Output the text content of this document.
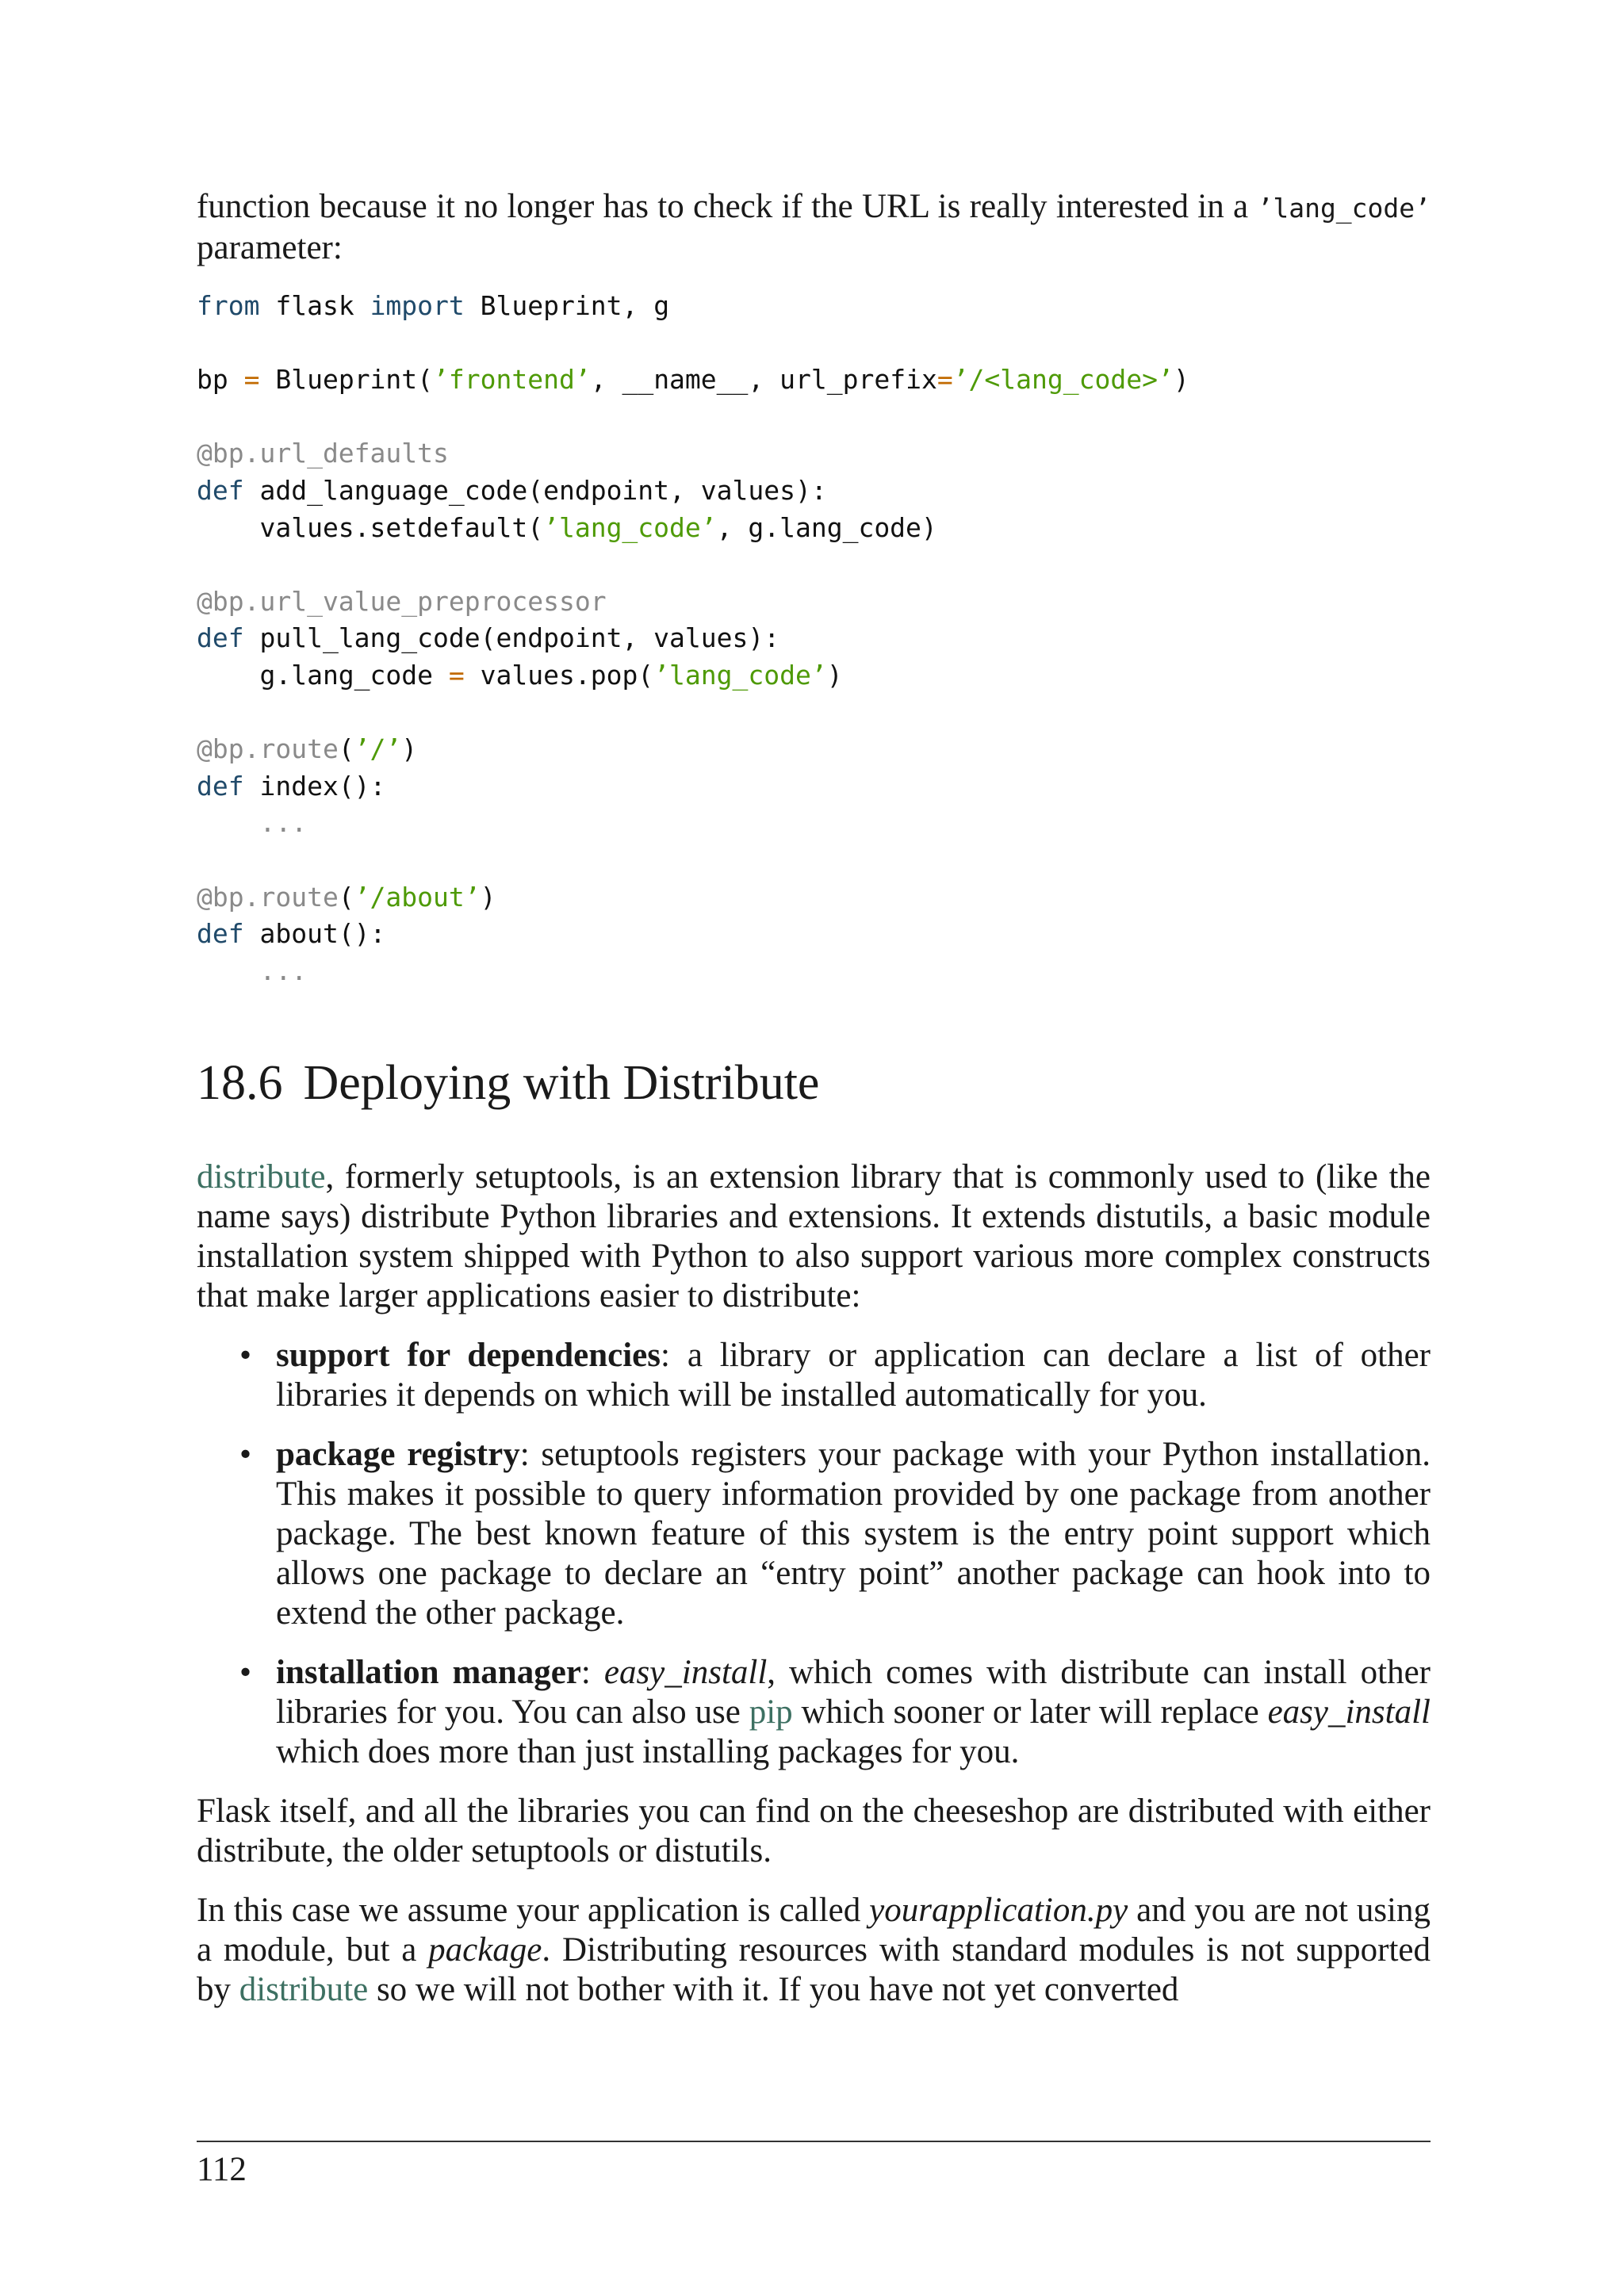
function because it no longer has to check if the URL is really interested in a ’lang_code’ parameter:

from flask import Blueprint, g
bp = Blueprint(’frontend’, __name__, url_prefix=’/<lang_code>’)
@bp.url_defaults
def add_language_code(endpoint, values):
values.setdefault(’lang_code’, g.lang_code)
@bp.url_value_preprocessor
def pull_lang_code(endpoint, values):
g.lang_code = values.pop(’lang_code’)
@bp.route(’/’)
def index():
...
@bp.route(’/about’)
def about():
...
18.6 Deploying with Distribute

distribute, formerly setuptools, is an extension library that is commonly used to (like the name says) distribute Python libraries and extensions. It extends distutils, a basic module installation system shipped with Python to also support various more complex constructs that make larger applications easier to distribute:

• support for dependencies: a library or application can declare a list of other libraries it depends on which will be installed automatically for you.
• package registry: setuptools registers your package with your Python installation. This makes it possible to query information provided by one package from another package. The best known feature of this system is the entry point support which allows one package to declare an “entry point” another package can hook into to extend the other package.
• installation manager: easy_install, which comes with distribute can install other libraries for you. You can also use pip which sooner or later will replace easy_install which does more than just installing packages for you.

Flask itself, and all the libraries you can find on the cheeseshop are distributed with either distribute, the older setuptools or distutils.

In this case we assume your application is called yourapplication.py and you are not using a module, but a package. Distributing resources with standard modules is not supported by distribute so we will not bother with it. If you have not yet converted

112
